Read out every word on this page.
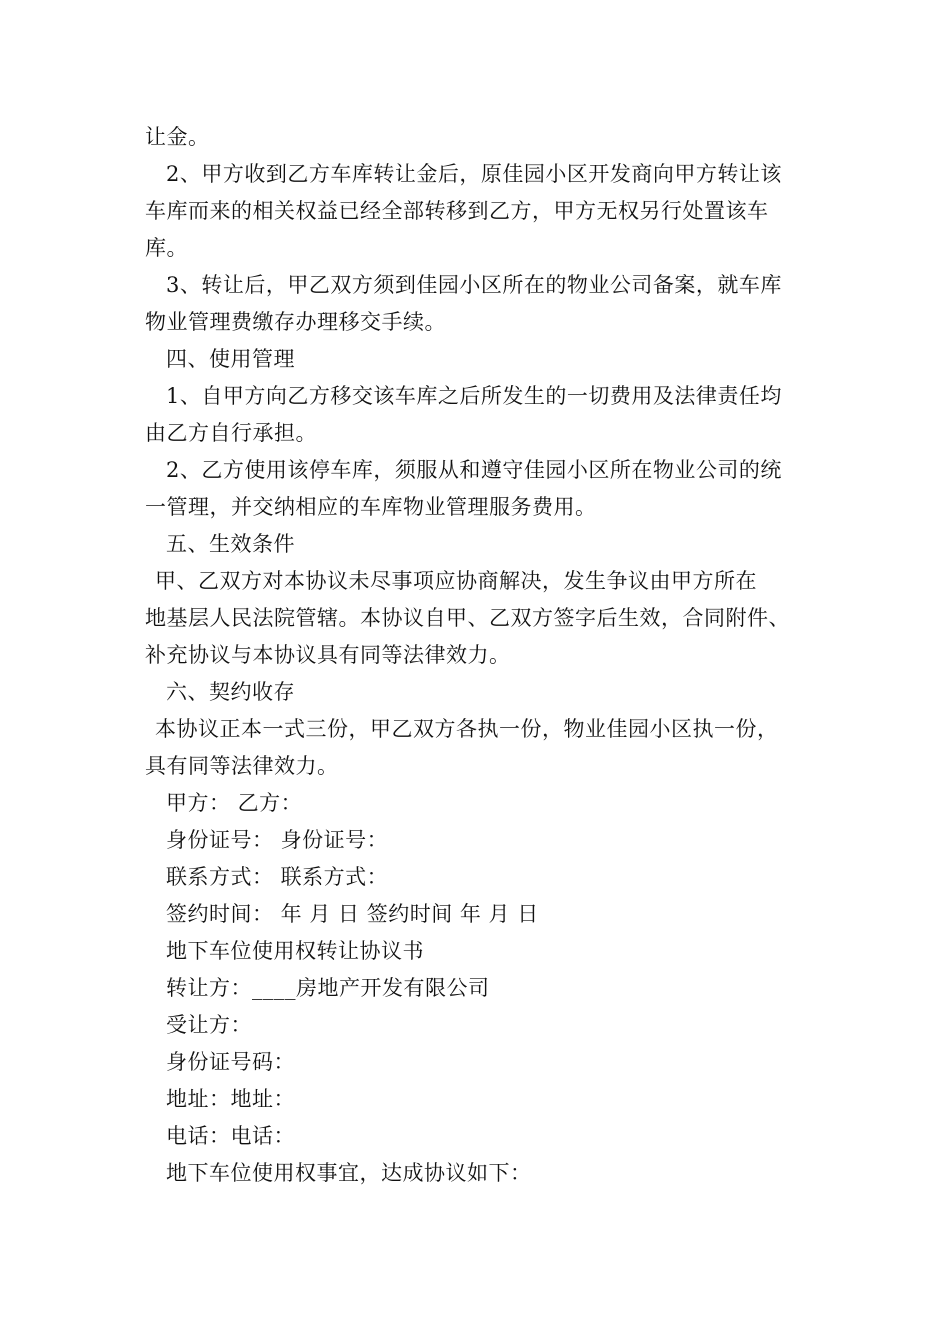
让金。
2、甲方收到乙方车库转让金后，原佳园小区开发商向甲方转让该
车库而来的相关权益已经全部转移到乙方，甲方无权另行处置该车
库。
3、转让后，甲乙双方须到佳园小区所在的物业公司备案，就车库
物业管理费缴存办理移交手续。
四、使用管理
1、自甲方向乙方移交该车库之后所发生的一切费用及法律责任均
由乙方自行承担。
2、乙方使用该停车库，须服从和遵守佳园小区所在物业公司的统
一管理，并交纳相应的车库物业管理服务费用。
五、生效条件
甲、乙双方对本协议未尽事项应协商解决，发生争议由甲方所在
地基层人民法院管辖。本协议自甲、乙双方签字后生效，合同附件、
补充协议与本协议具有同等法律效力。
六、契约收存
本协议正本一式三份，甲乙双方各执一份，物业佳园小区执一份，
具有同等法律效力。
甲方： 乙方：
身份证号： 身份证号：
联系方式： 联系方式：
签约时间： 年 月 日 签约时间 年 月 日
地下车位使用权转让协议书
转让方：____房地产开发有限公司
受让方：
身份证号码：
地址：地址：
电话：电话：
地下车位使用权事宜，达成协议如下：
